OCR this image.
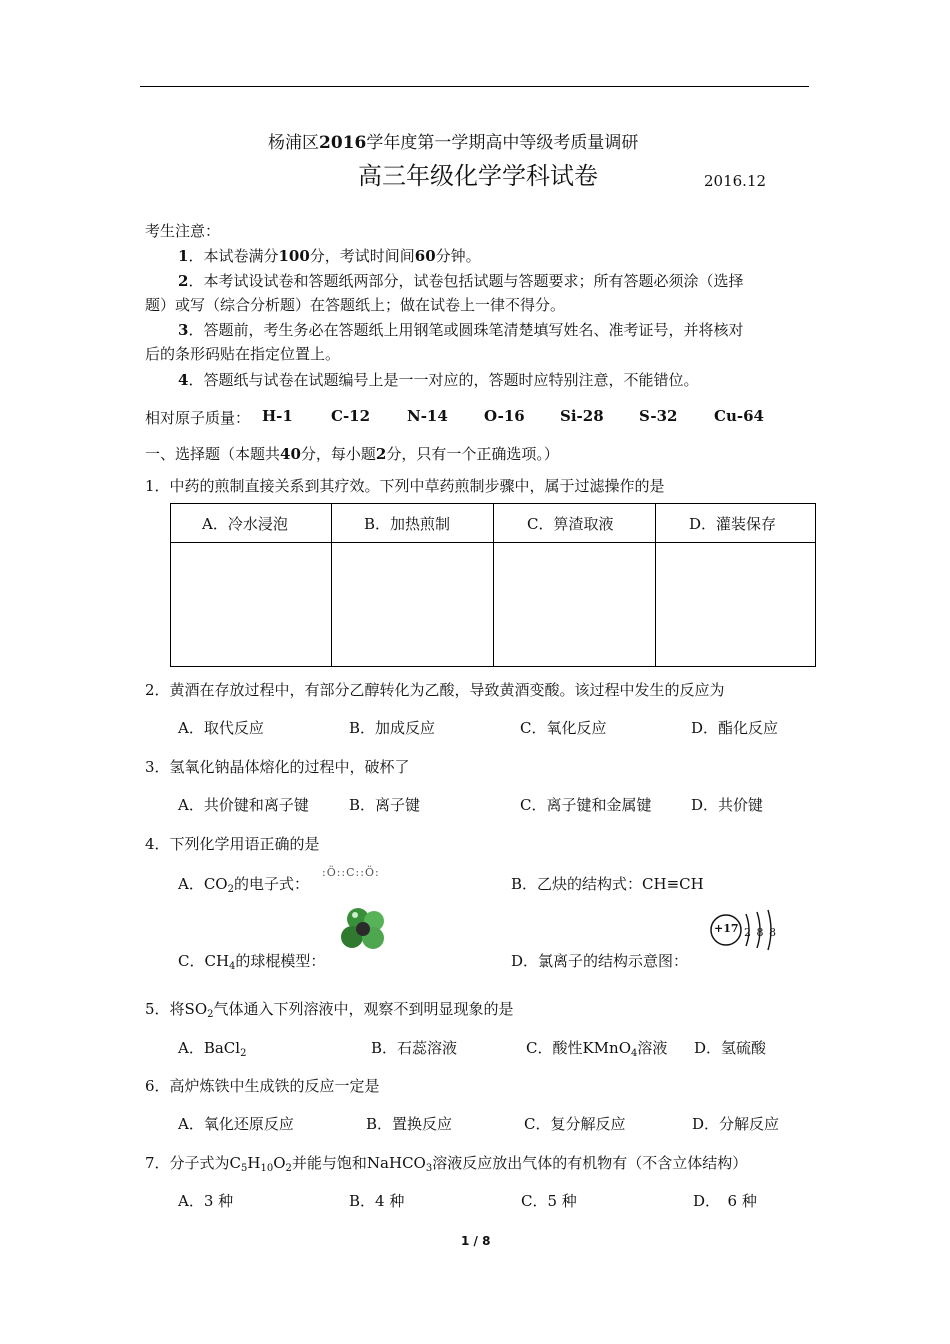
杨浦区2016学年度第一学期高中等级考质量调研
高三年级化学学科试卷	2016.12
考生注意：
1．本试卷满分100分，考试时间间60分钟。
2．本考试设试卷和答题纸两部分，试卷包括试题与答题要求；所有答题必须涂（选择
题）或写（综合分析题）在答题纸上；做在试卷上一律不得分。
3．答题前，考生务必在答题纸上用钢笔或圆珠笔清楚填写姓名、准考证号，并将核对
后的条形码贴在指定位置上。
4．答题纸与试卷在试题编号上是一一对应的，答题时应特别注意，不能错位。
相对原子质量： H-1	C-12 N-14 O-16 Si-28 S-32 Cu-64
一、选择题（本题共40分，每小题2分，只有一个正确选项。）
1．中药的煎制直接关系到其疗效。下列中草药煎制步骤中，属于过滤操作的是
A．冷水浸泡	B．加热煎制	C．箅渣取液	D．灌装保存
2．黄酒在存放过程中，有部分乙醇转化为乙酸，导致黄酒变酸。该过程中发生的反应为
A．取代反应	B．加成反应	C．氧化反应	D．酯化反应
3．氢氧化钠晶体熔化的过程中，破杯了
A．共价键和离子键	B．离子键	C．离子键和金属键	D．共价键
4．下列化学用语正确的是
A．$CO_2$的电子式：
:Ö::C::Ö:
B．乙炔的结构式：CH≡CH
C．$CH_4$的球棍模型：	D．氯离子的结构示意图：
+17 2 8 8
5．将$SO_2$气体通入下列溶液中，观察不到明显现象的是
A．BaCl$_2$	B．石蕊溶液	C．酸性KMnO$_4$溶液 D．氢硫酸
6．高炉炼铁中生成铁的反应一定是
A．氧化还原反应	B．置换反应	C．复分解反应	D．分解反应
7．分子式为$C_5H_{10}O_2$并能与饱和NaHCO$_3$溶液反应放出气体的有机物有（不含立体结构）
A．3 种	B．4 种	C．5 种	D．　6 种
1 / 8
